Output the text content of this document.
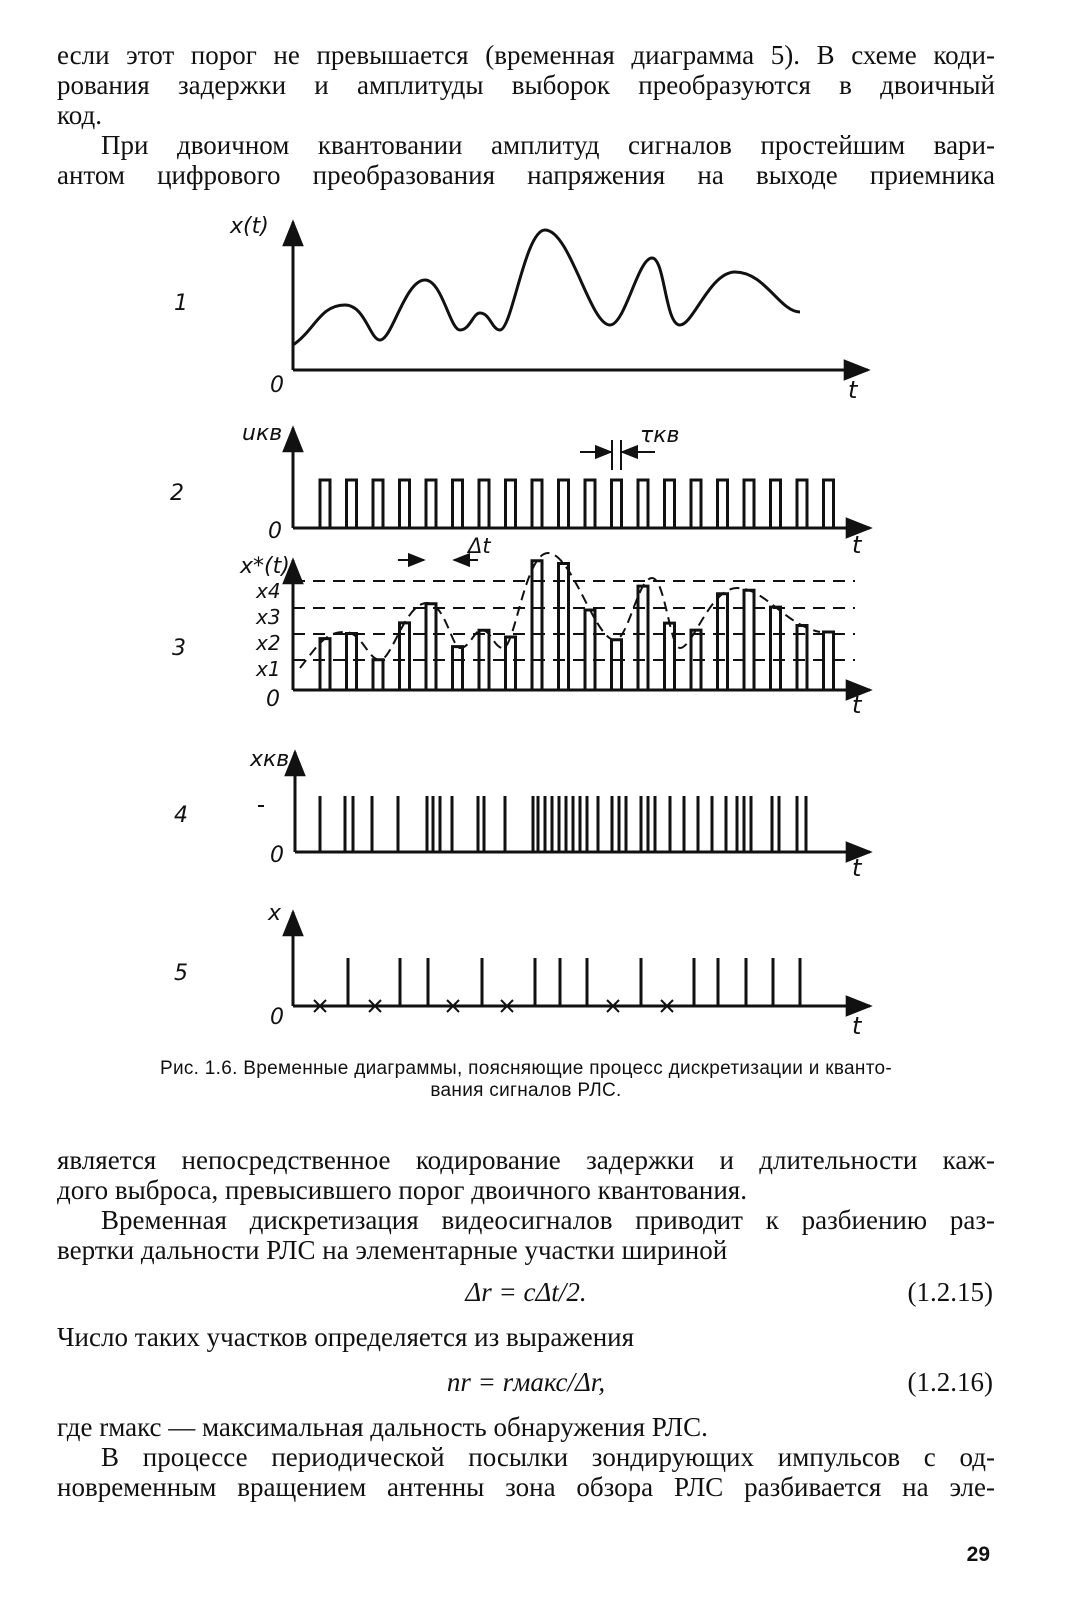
если этот порог не превышается (временная диаграмма 5). В схеме коди-

рования задержки и амплитуды выборок преобразуются в двоичный

код.

При двоичном квантовании амплитуд сигналов простейшим вари-

антом цифрового преобразования напряжения на выходе приемника

x(t)
0	t
1
τкв
uкв
0	t
2
Δt
x*(t)
x4
x3
x2
x1
0	t
3
xкв
0	t
4
x
0	t
5
Рис. 1.6. Временные диаграммы, поясняющие процесс дискретизации и кванто-
вания сигналов РЛС.

является непосредственное кодирование задержки и длительности каж-

дого выброса, превысившего порог двоичного квантования.

Временная дискретизация видеосигналов приводит к разбиению раз-

вертки дальности РЛС на элементарные участки шириной

Δr = cΔt/2.	(1.2.15)

Число таких участков определяется из выражения

nr = rмакс/Δr,	(1.2.16)

где rмакс — максимальная дальность обнаружения РЛС.

В процессе периодической посылки зондирующих импульсов с од-

новременным вращением антенны зона обзора РЛС разбивается на эле-

29
